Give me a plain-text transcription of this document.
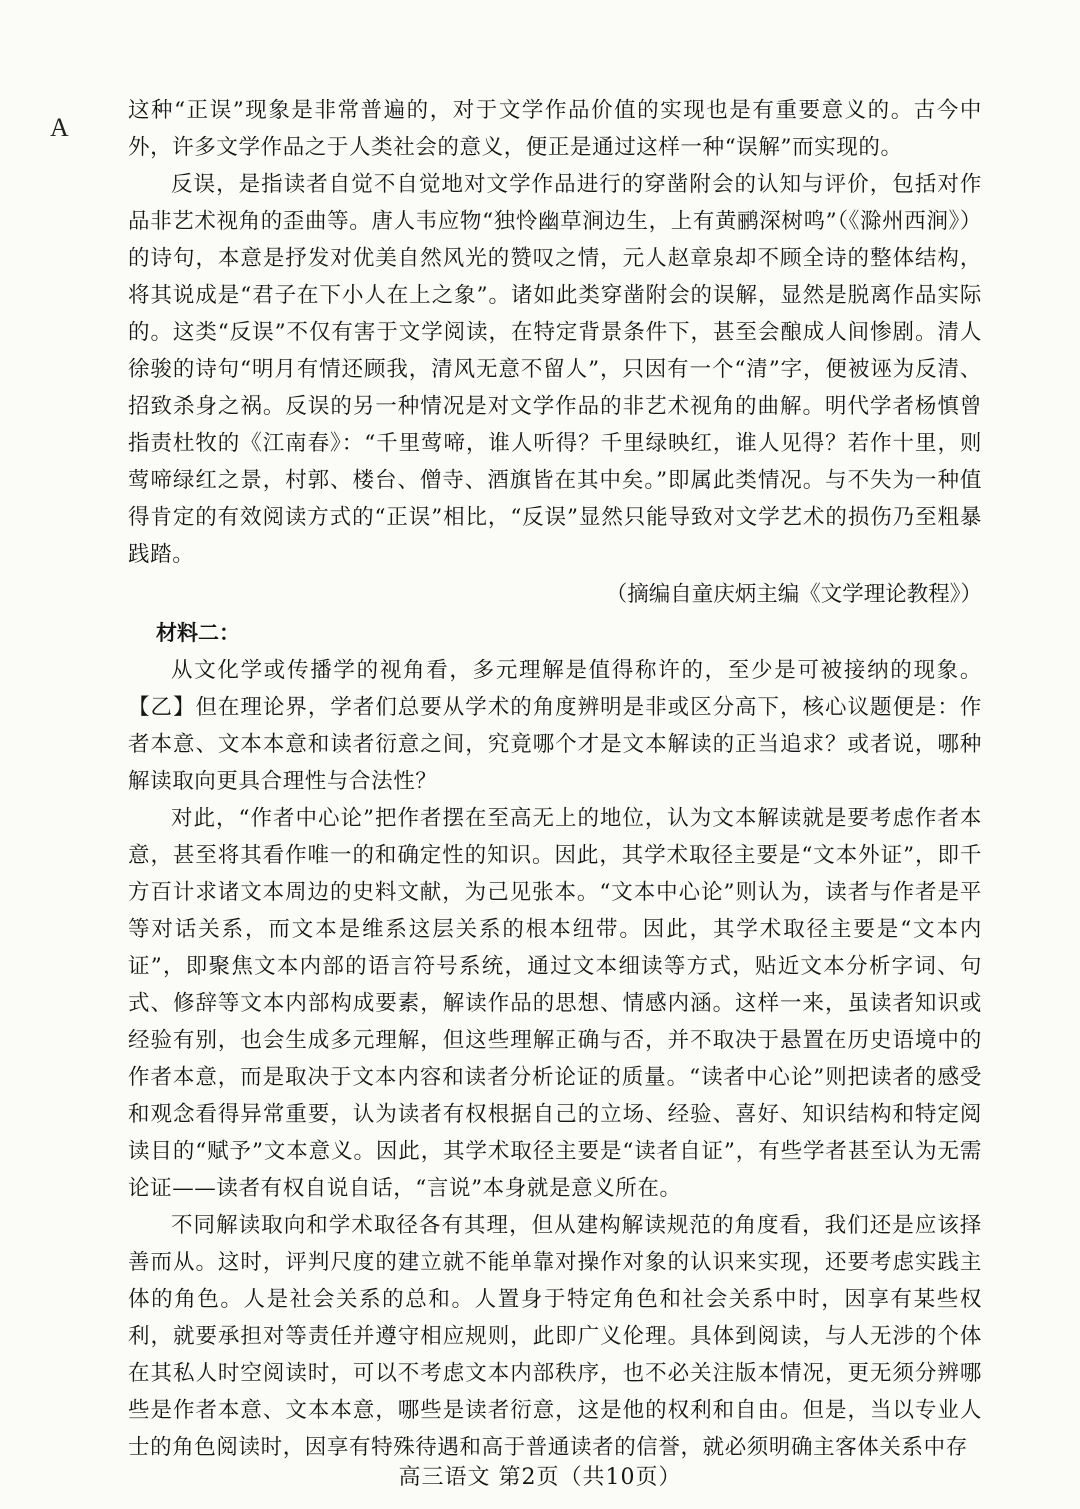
A

这种“正误”现象是非常普遍的，对于文学作品价值的实现也是有重要意义的。古今中外，许多文学作品之于人类社会的意义，便正是通过这样一种“误解”而实现的。

反误，是指读者自觉不自觉地对文学作品进行的穿凿附会的认知与评价，包括对作品非艺术视角的歪曲等。唐人韦应物“独怜幽草涧边生，上有黄鹂深树鸣”（《滁州西涧》）的诗句，本意是抒发对优美自然风光的赞叹之情，元人赵章泉却不顾全诗的整体结构，将其说成是“君子在下小人在上之象”。诸如此类穿凿附会的误解，显然是脱离作品实际的。这类“反误”不仅有害于文学阅读，在特定背景条件下，甚至会酿成人间惨剧。清人徐骏的诗句“明月有情还顾我，清风无意不留人”，只因有一个“清”字，便被诬为反清、招致杀身之祸。反误的另一种情况是对文学作品的非艺术视角的曲解。明代学者杨慎曾指责杜牧的《江南春》：“千里莺啼，谁人听得？千里绿映红，谁人见得？若作十里，则莺啼绿红之景，村郭、楼台、僧寺、酒旗皆在其中矣。”即属此类情况。与不失为一种值得肯定的有效阅读方式的“正误”相比，“反误”显然只能导致对文学艺术的损伤乃至粗暴践踏。

（摘编自童庆炳主编《文学理论教程》）

材料二：

从文化学或传播学的视角看，多元理解是值得称许的，至少是可被接纳的现象。【乙】但在理论界，学者们总要从学术的角度辨明是非或区分高下，核心议题便是：作者本意、文本本意和读者衍意之间，究竟哪个才是文本解读的正当追求？或者说，哪种解读取向更具合理性与合法性？

对此，“作者中心论”把作者摆在至高无上的地位，认为文本解读就是要考虑作者本意，甚至将其看作唯一的和确定性的知识。因此，其学术取径主要是“文本外证”，即千方百计求诸文本周边的史料文献，为己见张本。“文本中心论”则认为，读者与作者是平等对话关系，而文本是维系这层关系的根本纽带。因此，其学术取径主要是“文本内证”，即聚焦文本内部的语言符号系统，通过文本细读等方式，贴近文本分析字词、句式、修辞等文本内部构成要素，解读作品的思想、情感内涵。这样一来，虽读者知识或经验有别，也会生成多元理解，但这些理解正确与否，并不取决于悬置在历史语境中的作者本意，而是取决于文本内容和读者分析论证的质量。“读者中心论”则把读者的感受和观念看得异常重要，认为读者有权根据自己的立场、经验、喜好、知识结构和特定阅读目的“赋予”文本意义。因此，其学术取径主要是“读者自证”，有些学者甚至认为无需论证——读者有权自说自话，“言说”本身就是意义所在。

不同解读取向和学术取径各有其理，但从建构解读规范的角度看，我们还是应该择善而从。这时，评判尺度的建立就不能单靠对操作对象的认识来实现，还要考虑实践主体的角色。人是社会关系的总和。人置身于特定角色和社会关系中时，因享有某些权利，就要承担对等责任并遵守相应规则，此即广义伦理。具体到阅读，与人无涉的个体在其私人时空阅读时，可以不考虑文本内部秩序，也不必关注版本情况，更无须分辨哪些是作者本意、文本本意，哪些是读者衍意，这是他的权利和自由。但是，当以专业人士的角色阅读时，因享有特殊待遇和高于普通读者的信誉，就必须明确主客体关系中存

高三语文 第2页（共10页）
